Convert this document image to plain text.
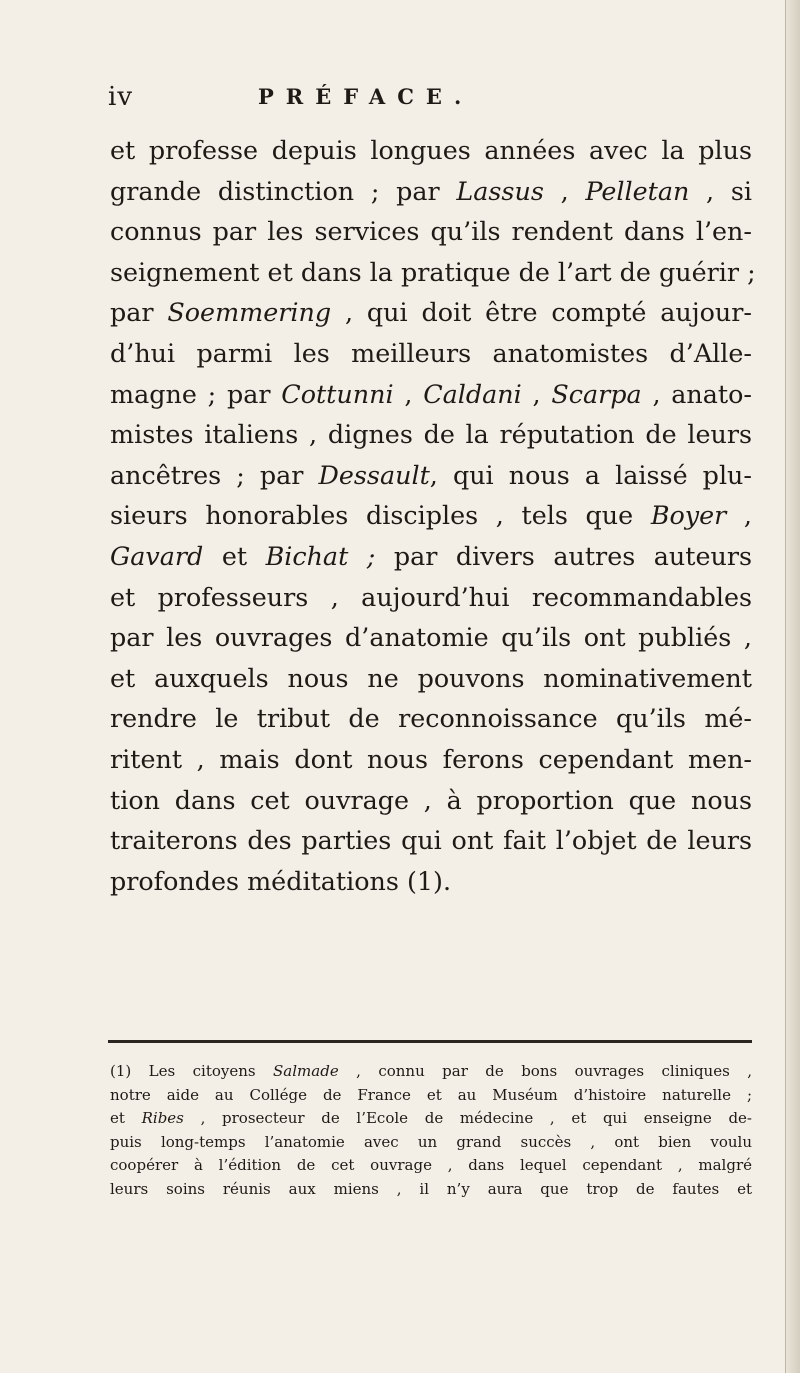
iv	PRÉFACE.
et professe depuis longues années avec la plus
grande distinction ; par Lassus , Pelletan , si
connus par les services qu’ils rendent dans l’en-
seignement et dans la pratique de l’art de guérir ;
par Soemmering , qui doit être compté aujour-
d’hui parmi les meilleurs anatomistes d’Alle-
magne ; par Cottunni , Caldani , Scarpa , anato-
mistes italiens , dignes de la réputation de leurs
ancêtres ; par Dessault, qui nous a laissé plu-
sieurs honorables disciples , tels que Boyer ,
Gavard et Bichat ; par divers autres auteurs
et professeurs , aujourd’hui recommandables
par les ouvrages d’anatomie qu’ils ont publiés ,
et auxquels nous ne pouvons nominativement
rendre le tribut de reconnoissance qu’ils mé-
ritent , mais dont nous ferons cependant men-
tion dans cet ouvrage , à proportion que nous
traiterons des parties qui ont fait l’objet de leurs
profondes méditations (1).
(1) Les citoyens Salmade , connu par de bons ouvrages cliniques ,
notre aide au Collége de France et au Muséum d’histoire naturelle ;
et Ribes , prosecteur de l’Ecole de médecine , et qui enseigne de-
puis long-temps l’anatomie avec un grand succès , ont bien voulu
coopérer à l’édition de cet ouvrage , dans lequel cependant , malgré
leurs soins réunis aux miens , il n’y aura que trop de fautes et
